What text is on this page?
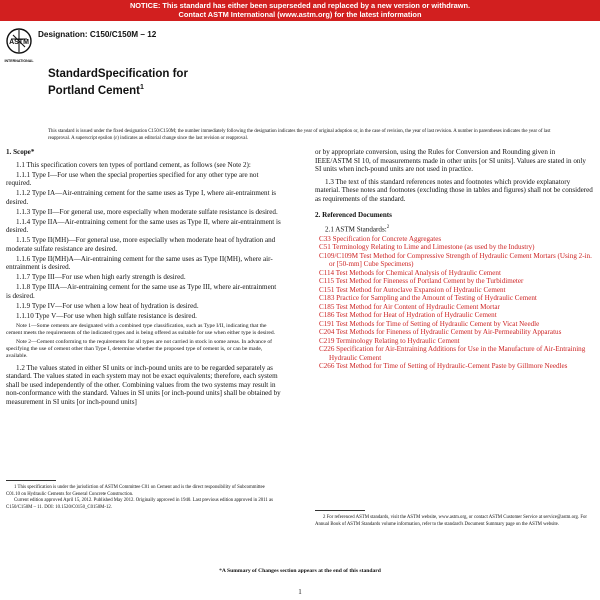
NOTICE: This standard has either been superseded and replaced by a new version or withdrawn.
Contact ASTM International (www.astm.org) for the latest information
ASTM
INTERNATIONAL
Designation: C150/C150M – 12
StandardSpecification for
Portland Cement$^1$
This standard is issued under the fixed designation C150/C150M; the number immediately following the designation indicates the year of original adoption or, in the case of revision, the year of last revision. A number in parentheses indicates the year of last reapproval. A superscript epsilon (ε) indicates an editorial change since the last revision or reapproval.

1. Scope*

1.1 This specification covers ten types of portland cement, as follows (see Note 2):

1.1.1 Type I—For use when the special properties specified for any other type are not required.

1.1.2 Type IA—Air-entraining cement for the same uses as Type I, where air-entrainment is desired.

1.1.3 Type II—For general use, more especially when moderate sulfate resistance is desired.

1.1.4 Type IIA—Air-entraining cement for the same uses as Type II, where air-entrainment is desired.

1.1.5 Type II(MH)—For general use, more especially when moderate heat of hydration and moderate sulfate resistance are desired.

1.1.6 Type II(MH)A—Air-entraining cement for the same uses as Type II(MH), where air-entrainment is desired.

1.1.7 Type III—For use when high early strength is desired.

1.1.8 Type IIIA—Air-entraining cement for the same use as Type III, where air-entrainment is desired.

1.1.9 Type IV—For use when a low heat of hydration is desired.

1.1.10 Type V—For use when high sulfate resistance is desired.

Note 1—Some cements are designated with a combined type classification, such as Type I/II, indicating that the cement meets the requirements of the indicated types and is being offered as suitable for use when either type is desired.

Note 2—Cement conforming to the requirements for all types are not carried in stock in some areas. In advance of specifying the use of cement other than Type I, determine whether the proposed type of cement is, or can be made, available.

1.2 The values stated in either SI units or inch-pound units are to be regarded separately as standard. The values stated in each system may not be exact equivalents; therefore, each system shall be used independently of the other. Combining values from the two systems may result in non-conformance with the standard. Values in SI units [or inch-pound units] shall be obtained by measurement in SI units [or inch-pound units]

or by appropriate conversion, using the Rules for Conversion and Rounding given in IEEE/ASTM SI 10, of measurements made in other units [or SI units]. Values are stated in only SI units when inch-pound units are not used in practice.

1.3 The text of this standard references notes and footnotes which provide explanatory material. These notes and footnotes (excluding those in tables and figures) shall not be considered as requirements of the standard.

2. Referenced Documents

2.1 ASTM Standards:$^2$

C33 Specification for Concrete Aggregates

C51 Terminology Relating to Lime and Limestone (as used by the Industry)

C109/C109M Test Method for Compressive Strength of Hydraulic Cement Mortars (Using 2-in. or [50-mm] Cube Specimens)

C114 Test Methods for Chemical Analysis of Hydraulic Cement

C115 Test Method for Fineness of Portland Cement by the Turbidimeter

C151 Test Method for Autoclave Expansion of Hydraulic Cement

C183 Practice for Sampling and the Amount of Testing of Hydraulic Cement

C185 Test Method for Air Content of Hydraulic Cement Mortar

C186 Test Method for Heat of Hydration of Hydraulic Cement

C191 Test Methods for Time of Setting of Hydraulic Cement by Vicat Needle

C204 Test Methods for Fineness of Hydraulic Cement by Air-Permeability Apparatus

C219 Terminology Relating to Hydraulic Cement

C226 Specification for Air-Entraining Additions for Use in the Manufacture of Air-Entraining Hydraulic Cement

C266 Test Method for Time of Setting of Hydraulic-Cement Paste by Gillmore Needles

1 This specification is under the jurisdiction of ASTM Committee C01 on Cement and is the direct responsibility of Subcommittee C01.10 on Hydraulic Cements for General Concrete Construction.

Current edition approved April 15, 2012. Published May 2012. Originally approved in 1940. Last previous edition approved in 2011 as C150/C150M – 11. DOI: 10.1520/C0150_C0150M-12.

2 For referenced ASTM standards, visit the ASTM website, www.astm.org, or contact ASTM Customer Service at service@astm.org. For Annual Book of ASTM Standards volume information, refer to the standard's Document Summary page on the ASTM website.

*A Summary of Changes section appears at the end of this standard
1
